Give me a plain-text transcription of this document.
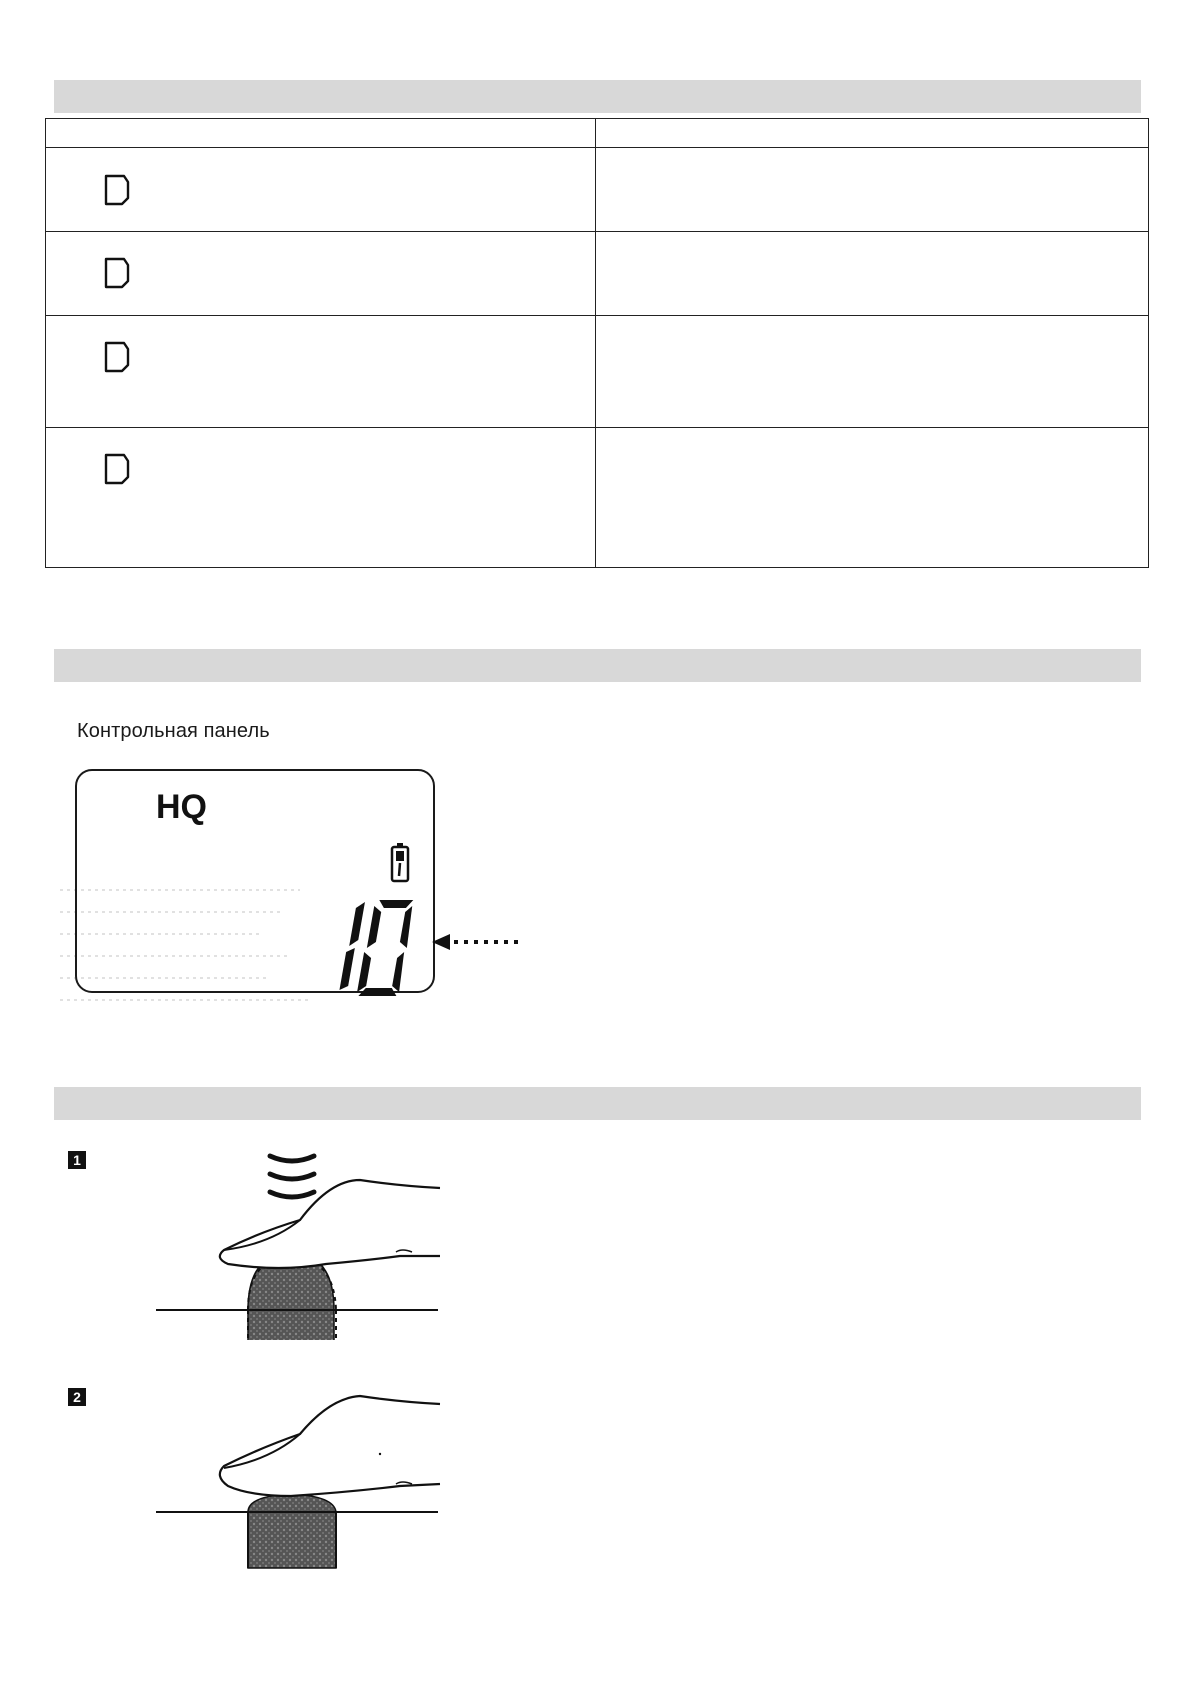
Контрольная панель
HQ
10
1
2
